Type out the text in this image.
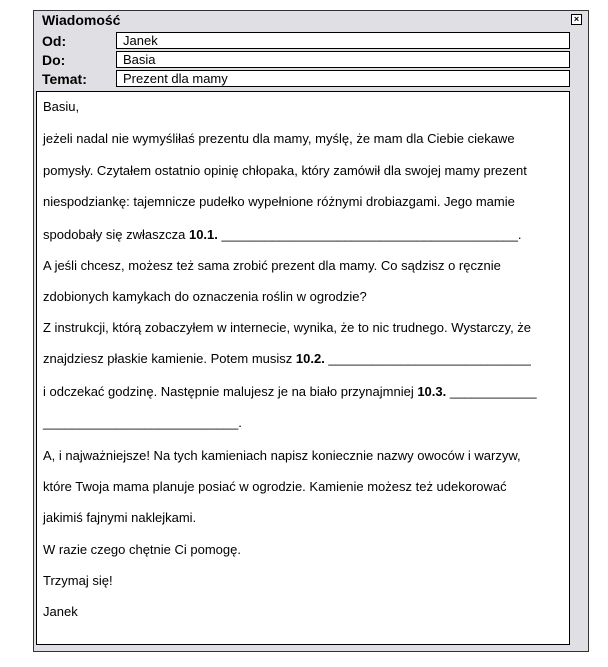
Wiadomość	×
Od:	Janek
Do:	Basia
Temat:	Prezent dla mamy
Basiu,
jeżeli nadal nie wymyśliłaś prezentu dla mamy, myślę, że mam dla Ciebie ciekawe
pomysły. Czytałem ostatnio opinię chłopaka, który zamówił dla swojej mamy prezent
niespodziankę: tajemnicze pudełko wypełnione różnymi drobiazgami. Jego mamie
spodobały się zwłaszcza 10.1. _________________________________________.
A jeśli chcesz, możesz też sama zrobić prezent dla mamy. Co sądzisz o ręcznie
zdobionych kamykach do oznaczenia roślin w ogrodzie?
Z instrukcji, którą zobaczyłem w internecie, wynika, że to nic trudnego. Wystarczy, że
znajdziesz płaskie kamienie. Potem musisz 10.2. ____________________________
i odczekać godzinę. Następnie malujesz je na biało przynajmniej 10.3. ____________
___________________________.
A, i najważniejsze! Na tych kamieniach napisz koniecznie nazwy owoców i warzyw,
które Twoja mama planuje posiać w ogrodzie. Kamienie możesz też udekorować
jakimiś fajnymi naklejkami.
W razie czego chętnie Ci pomogę.
Trzymaj się!
Janek
